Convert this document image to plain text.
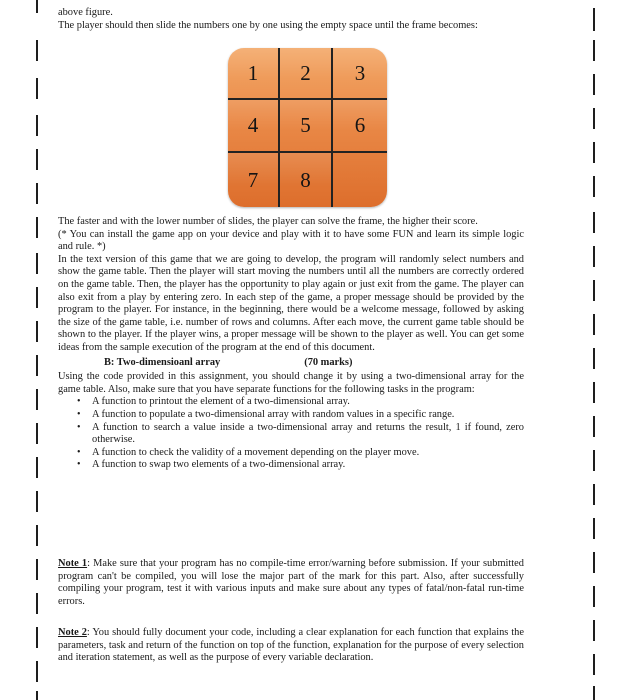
above figure.

The player should then slide the numbers one by one using the empty space until the frame becomes:

1	2	3
4	5	6
7	8

The faster and with the lower number of slides, the player can solve the frame, the higher their score.

(* You can install the game app on your device and play with it to have some FUN and learn its simple logic and rule. *)

In the text version of this game that we are going to develop, the program will randomly select numbers and show the game table. Then the player will start moving the numbers until all the numbers are correctly ordered on the game table. Then, the player has the opportunity to play again or just exit from the game. The player can also exit from a play by entering zero. In each step of the game, a proper message should be provided by the program to the player. For instance, in the beginning, there would be a welcome message, followed by asking the size of the game table, i.e. number of rows and columns. After each move, the current game table should be shown to the player. If the player wins, a proper message will be shown to the player as well. You can get some ideas from the sample execution of the program at the end of this document.

B: Two-dimensioanl array	(70 marks)

Using the code provided in this assignment, you should change it by using a two-dimensional array for the game table. Also, make sure that you have separate functions for the following tasks in the program:

• A function to printout the element of a two-dimensional array.
• A function to populate a two-dimensional array with random values in a specific range.
• A function to search a value inside a two-dimensional array and returns the result, 1 if found, zero otherwise.
• A function to check the validity of a movement depending on the player move.
• A function to swap two elements of a two-dimensional array.

Note 1: Make sure that your program has no compile-time error/warning before submission. If your submitted program can't be compiled, you will lose the major part of the mark for this part. Also, after successfully compiling your program, test it with various inputs and make sure about any types of fatal/non-fatal run-time errors.

Note 2: You should fully document your code, including a clear explanation for each function that explains the parameters, task and return of the function on top of the function, explanation for the purpose of every selection and iteration statement, as well as the purpose of every variable declaration.
